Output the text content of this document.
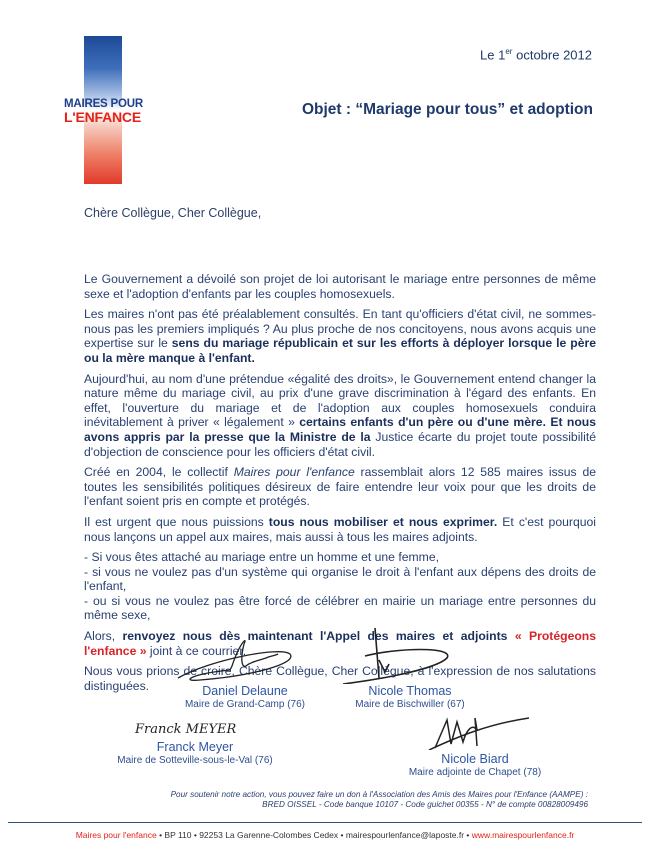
MAIRES POUR
L'ENFANCE
Le 1er octobre 2012
Objet : “Mariage pour tous” et adoption
Chère Collègue, Cher Collègue,

Le Gouvernement a dévoilé son projet de loi autorisant le mariage entre personnes de même sexe et l'adoption d'enfants par les couples homosexuels.

Les maires n'ont pas été préalablement consultés. En tant qu'officiers d'état civil, ne sommes-nous pas les premiers impliqués ? Au plus proche de nos concitoyens, nous avons acquis une expertise sur le sens du mariage républicain et sur les efforts à déployer lorsque le père ou la mère manque à l'enfant.

Aujourd'hui, au nom d'une prétendue «égalité des droits», le Gouvernement entend changer la nature même du mariage civil, au prix d'une grave discrimination à l'égard des enfants. En effet, l'ouverture du mariage et de l'adoption aux couples homosexuels conduira inévitablement à priver « légalement » certains enfants d'un père ou d'une mère. Et nous avons appris par la presse que la Ministre de la Justice écarte du projet toute possibilité d'objection de conscience pour les officiers d'état civil.

Créé en 2004, le collectif Maires pour l'enfance rassemblait alors 12 585 maires issus de toutes les sensibilités politiques désireux de faire entendre leur voix pour que les droits de l'enfant soient pris en compte et protégés.

Il est urgent que nous puissions tous nous mobiliser et nous exprimer. Et c'est pourquoi nous lançons un appel aux maires, mais aussi à tous les maires adjoints.

- Si vous êtes attaché au mariage entre un homme et une femme,
- si vous ne voulez pas d'un système qui organise le droit à l'enfant aux dépens des droits de l'enfant,
- ou si vous ne voulez pas être forcé de célébrer en mairie un mariage entre personnes du même sexe,

Alors, renvoyez nous dès maintenant l'Appel des maires et adjoints « Protégeons l'enfance » joint à ce courrier.

Nous vous prions de croire, Chère Collègue, Cher Collègue, à l'expression de nos salutations distinguées.	Daniel Delaune
Maire de Grand-Camp (76)
Nicole Thomas
Maire de Bischwiller (67)
Franck MEYER
Franck Meyer
Maire de Sotteville-sous-le-Val (76)	Nicole Biard
Maire adjointe de Chapet (78)
Pour soutenir notre action, vous pouvez faire un don à l'Association des Amis des Maires pour l'Enfance (AAMPE) :
BRED OISSEL - Code banque 10107 - Code guichet 00355 - N° de compte 00828009496
Maires pour l'enfance • BP 110 • 92253 La Garenne-Colombes Cedex • mairespourlenfance@laposte.fr • www.mairespourlenfance.fr
